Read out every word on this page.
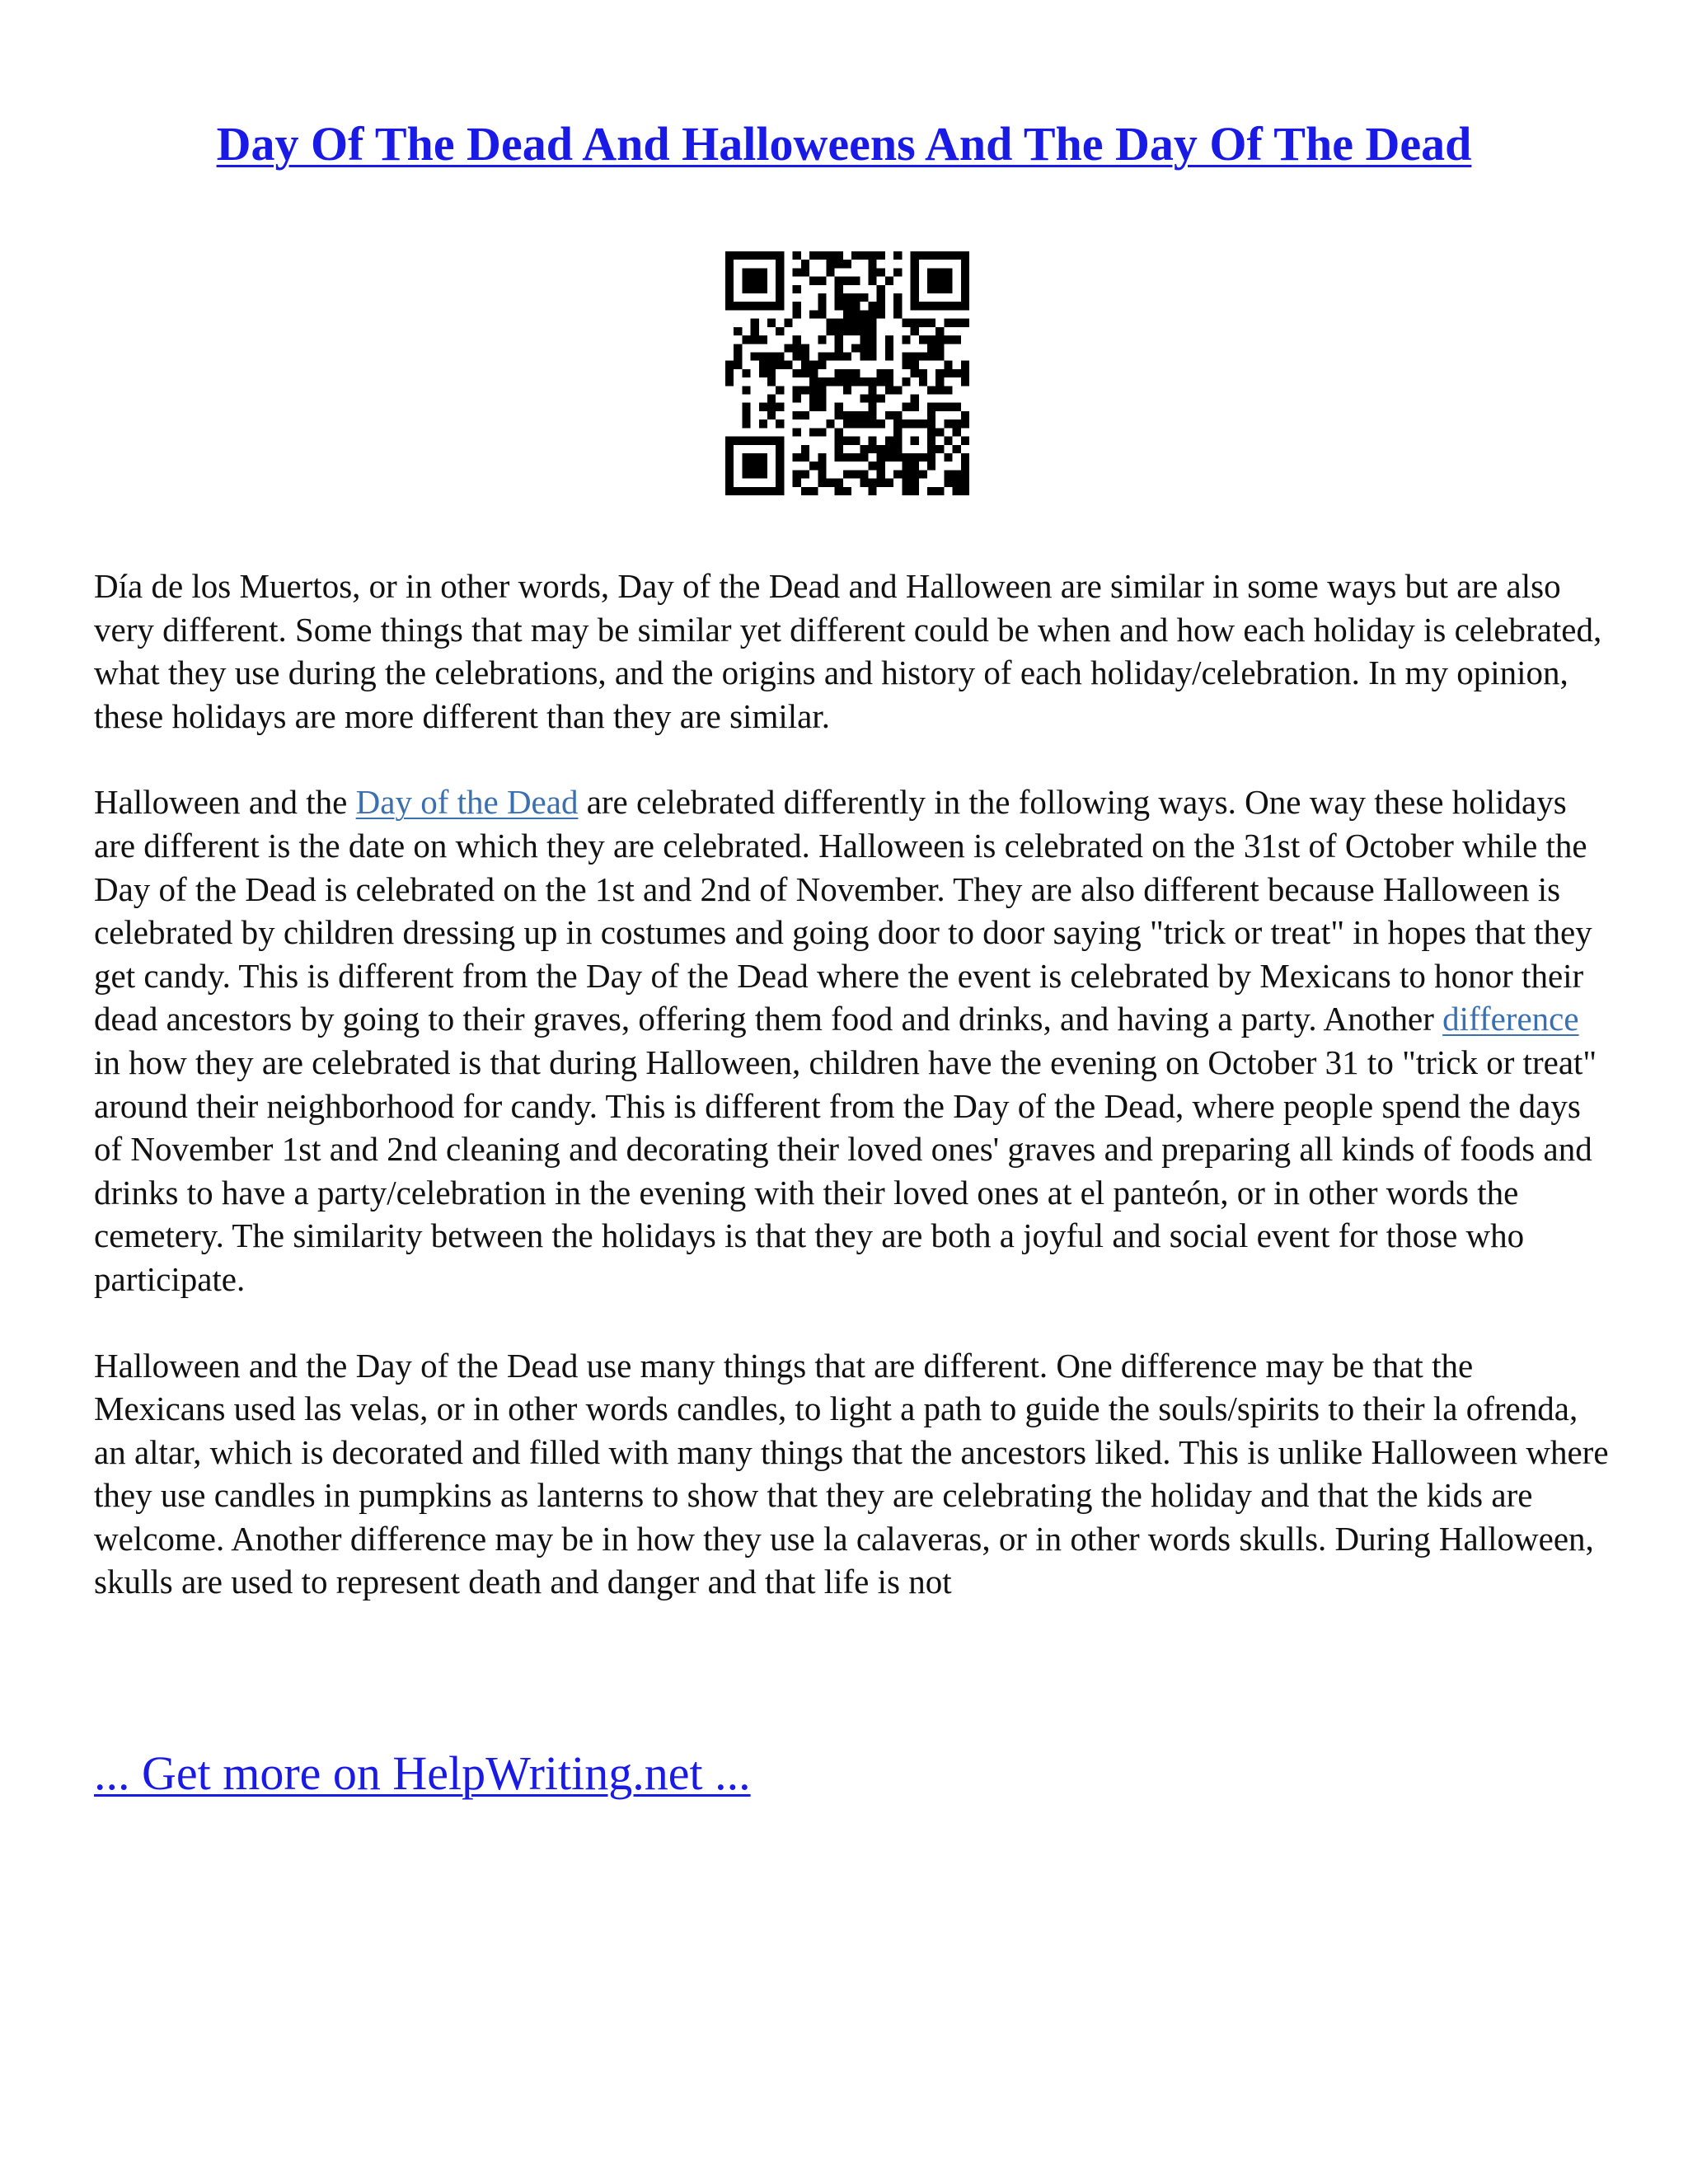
Day Of The Dead And Halloweens And The Day Of The Dead

Día de los Muertos, or in other words, Day of the Dead and Halloween are similar in some ways but are also very different. Some things that may be similar yet different could be when and how each holiday is celebrated, what they use during the celebrations, and the origins and history of each holiday/celebration. In my opinion, these holidays are more different than they are similar.

Halloween and the Day of the Dead are celebrated differently in the following ways. One way these holidays are different is the date on which they are celebrated. Halloween is celebrated on the 31st of October while the Day of the Dead is celebrated on the 1st and 2nd of November. They are also different because Halloween is celebrated by children dressing up in costumes and going door to door saying "trick or treat" in hopes that they get candy. This is different from the Day of the Dead where the event is celebrated by Mexicans to honor their dead ancestors by going to their graves, offering them food and drinks, and having a party. Another difference in how they are celebrated is that during Halloween, children have the evening on October 31 to "trick or treat" around their neighborhood for candy. This is different from the Day of the Dead, where people spend the days of November 1st and 2nd cleaning and decorating their loved ones' graves and preparing all kinds of foods and drinks to have a party/celebration in the evening with their loved ones at el panteón, or in other words the cemetery. The similarity between the holidays is that they are both a joyful and social event for those who participate.

Halloween and the Day of the Dead use many things that are different. One difference may be that the Mexicans used las velas, or in other words candles, to light a path to guide the souls/spirits to their la ofrenda, an altar, which is decorated and filled with many things that the ancestors liked. This is unlike Halloween where they use candles in pumpkins as lanterns to show that they are celebrating the holiday and that the kids are welcome. Another difference may be in how they use la calaveras, or in other words skulls. During Halloween, skulls are used to represent death and danger and that life is not

... Get more on HelpWriting.net ...
